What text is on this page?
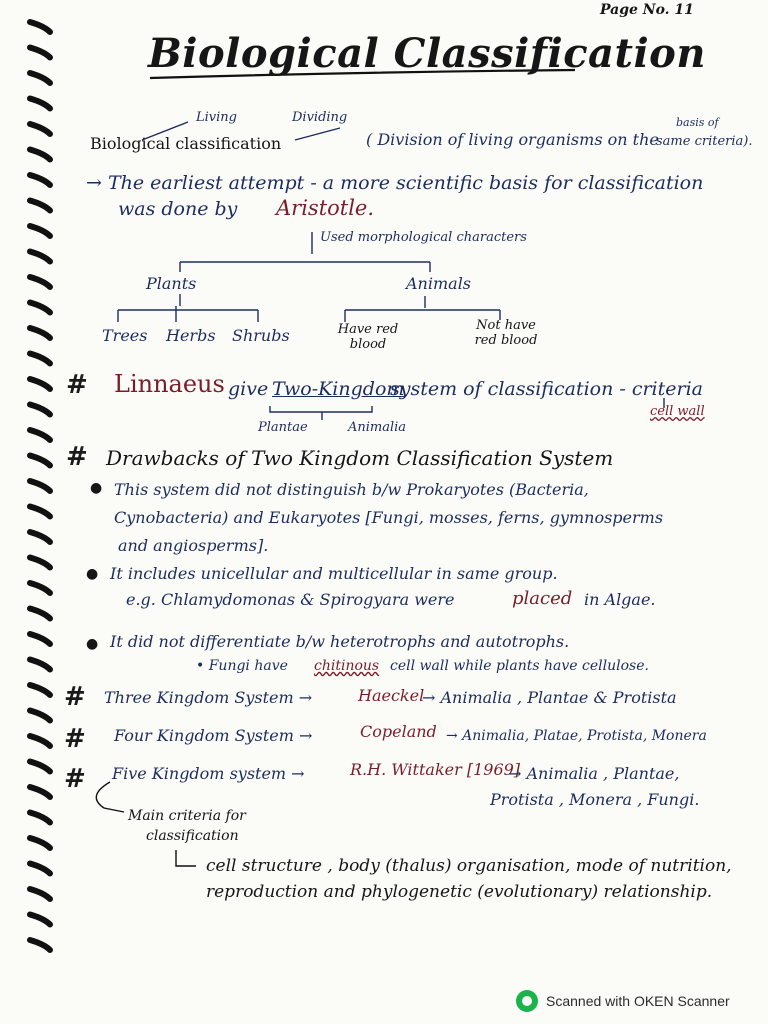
Page No. 11
Biological Classification
Living	Dividing
Biological classification	( Division of living organisms on the
basis of
same criteria).
→ The earliest attempt - a more scientific basis for classification
was done by Aristotle.
Used morphological characters
Plants	Animals
Trees Herbs Shrubs	Have red blood
Not have red blood
# Linnaeus give Two-Kingdom
system of classification - criteria
cell wall
Plantae	Animalia
# Drawbacks of Two Kingdom Classification System
● This system did not distinguish b/w Prokaryotes (Bacteria,
Cynobacteria) and Eukaryotes [Fungi, mosses, ferns, gymnosperms
and angiosperms].
● It includes unicellular and multicellular in same group.
e.g. Chlamydomonas & Spirogyara were	placed in Algae.
● It did not differentiate b/w heterotrophs and autotrophs.
• Fungi have chitinous cell wall while plants have cellulose.
# Three Kingdom System →	Haeckel
→ Animalia , Plantae & Protista
# Four Kingdom System →	Copeland → Animalia, Platae, Protista, Monera
# Five Kingdom system →	R.H. Wittaker [1969]
→ Animalia , Plantae,
Protista , Monera , Fungi.
Main criteria for
classification
cell structure , body (thalus) organisation, mode of nutrition,
reproduction and phylogenetic (evolutionary) relationship.
Scanned with OKEN Scanner
